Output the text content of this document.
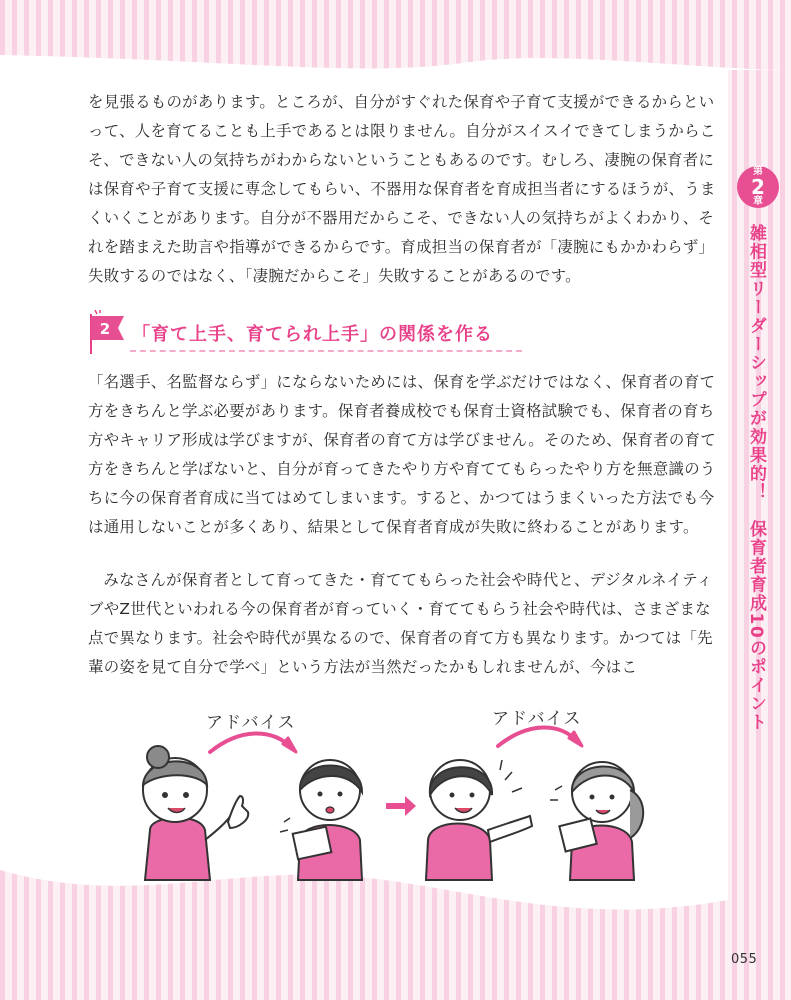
を見張るものがあります。ところが、自分がすぐれた保育や子育て支援ができるからといって、人を育てることも上手であるとは限りません。自分がスイスイできてしまうからこそ、できない人の気持ちがわからないということもあるのです。むしろ、凄腕の保育者には保育や子育て支援に専念してもらい、不器用な保育者を育成担当者にするほうが、うまくいくことがあります。自分が不器用だからこそ、できない人の気持ちがよくわかり、それを踏まえた助言や指導ができるからです。育成担当の保育者が「凄腕にもかかわらず」失敗するのではなく、「凄腕だからこそ」失敗することがあるのです。

2 「育て上手、育てられ上手」の関係を作る

「名選手、名監督ならず」にならないためには、保育を学ぶだけではなく、保育者の育て方をきちんと学ぶ必要があります。保育者養成校でも保育士資格試験でも、保育者の育ち方やキャリア形成は学びますが、保育者の育て方は学びません。そのため、保育者の育て方をきちんと学ばないと、自分が育ってきたやり方や育ててもらったやり方を無意識のうちに今の保育者育成に当てはめてしまいます。すると、かつてはうまくいった方法でも今は通用しないことが多くあり、結果として保育者育成が失敗に終わることがあります。

みなさんが保育者として育ってきた・育ててもらった社会や時代と、デジタルネイティブやZ世代といわれる今の保育者が育っていく・育ててもらう社会や時代は、さまざまな点で異なります。社会や時代が異なるので、保育者の育て方も異なります。かつては「先輩の姿を見て自分で学べ」という方法が当然だったかもしれませんが、今はこ

第
2
章
雑相型リーダーシップが効果的！　保育者育成10のポイント
アドバイス	アドバイス
055
